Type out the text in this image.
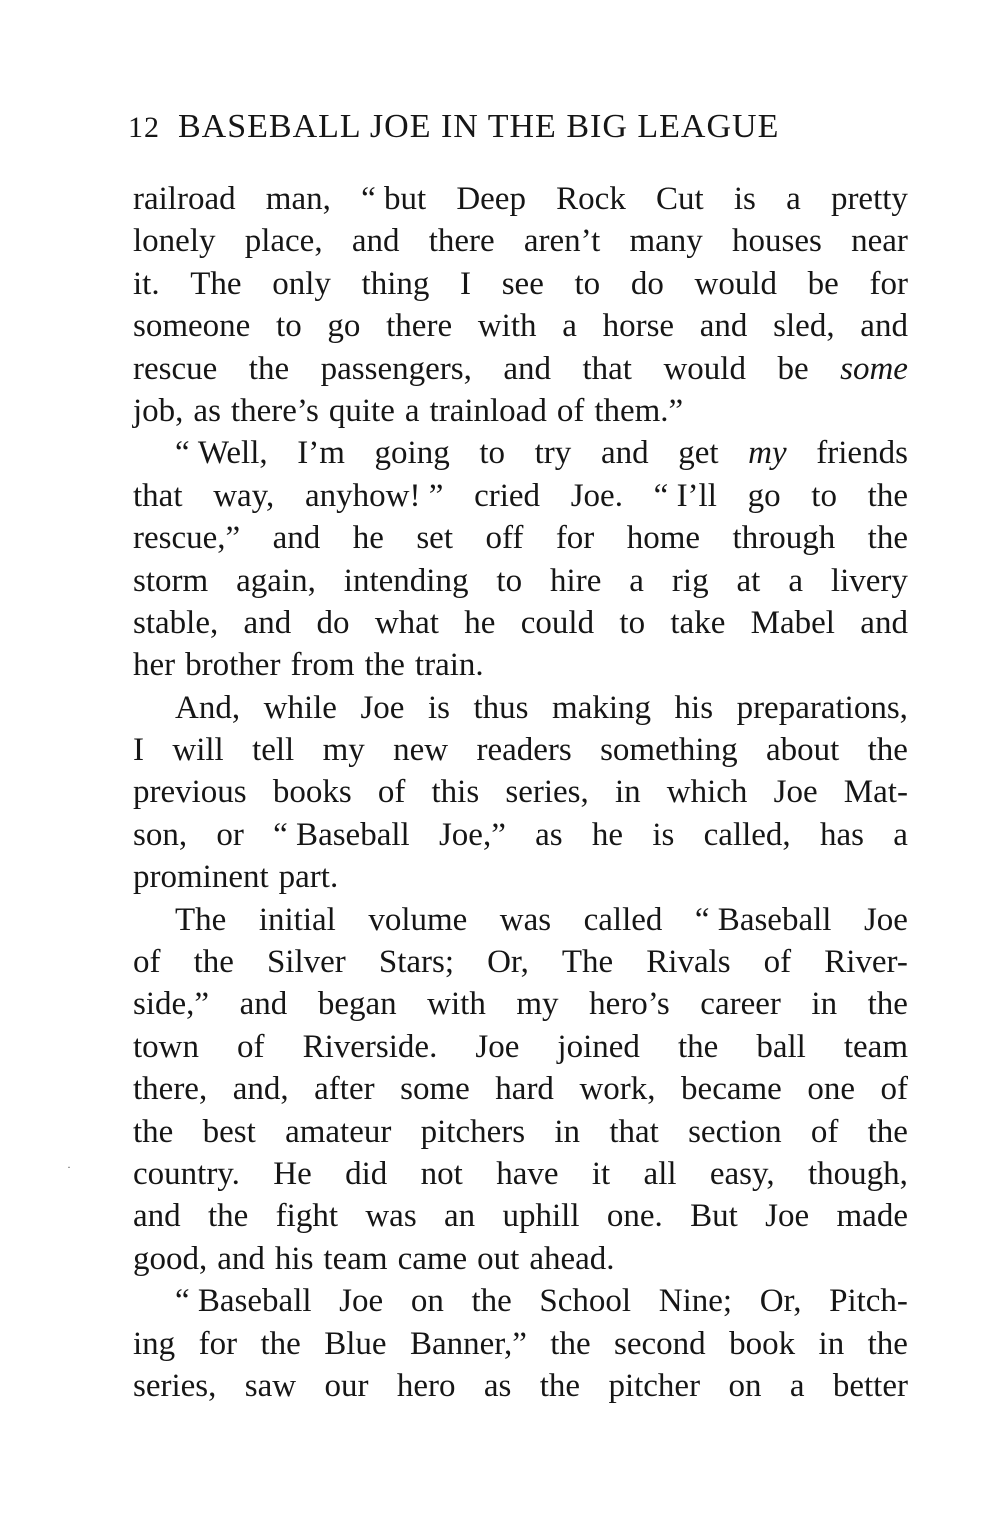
12 BASEBALL JOE IN THE BIG LEAGUE
railroad man, “ but Deep Rock Cut is a pretty
lonely place, and there aren’t many houses near
it. The only thing I see to do would be for
someone to go there with a horse and sled, and
rescue the passengers, and that would be some
job, as there’s quite a trainload of them.”
“ Well, I’m going to try and get my friends
that way, anyhow! ” cried Joe. “ I’ll go to the
rescue,” and he set off for home through the
storm again, intending to hire a rig at a livery
stable, and do what he could to take Mabel and
her brother from the train.
And, while Joe is thus making his preparations,
I will tell my new readers something about the
previous books of this series, in which Joe Mat-
son, or “ Baseball Joe,” as he is called, has a
prominent part.
The initial volume was called “ Baseball Joe
of the Silver Stars; Or, The Rivals of River-
side,” and began with my hero’s career in the
town of Riverside. Joe joined the ball team
there, and, after some hard work, became one of
the best amateur pitchers in that section of the
country. He did not have it all easy, though,
and the fight was an uphill one. But Joe made
good, and his team came out ahead.
“ Baseball Joe on the School Nine; Or, Pitch-
ing for the Blue Banner,” the second book in the
series, saw our hero as the pitcher on a better
·
